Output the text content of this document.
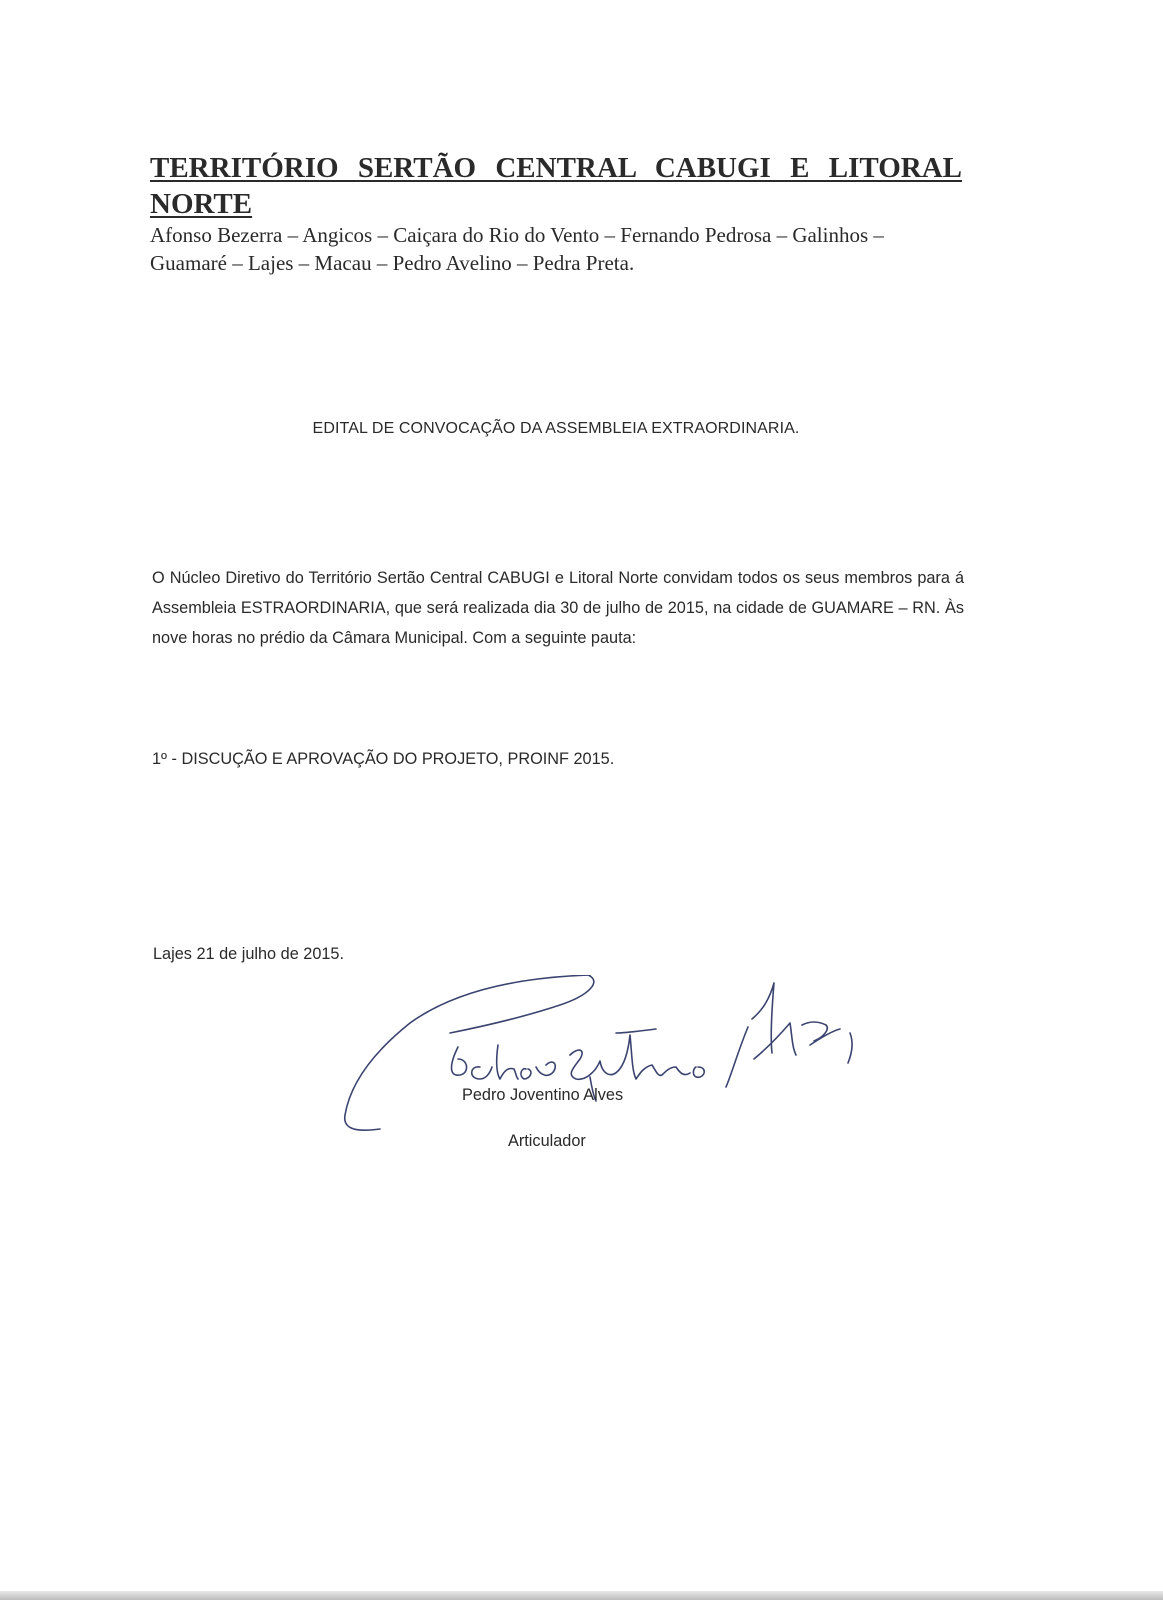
TERRITÓRIO SERTÃO CENTRAL CABUGI E LITORAL NORTE

Afonso Bezerra – Angicos – Caiçara do Rio do Vento – Fernando Pedrosa – Galinhos – Guamaré – Lajes – Macau – Pedro Avelino – Pedra Preta.

EDITAL DE CONVOCAÇÃO DA ASSEMBLEIA EXTRAORDINARIA.

O Núcleo Diretivo do Território Sertão Central CABUGI e Litoral Norte convidam todos os seus membros para á Assembleia ESTRAORDINARIA, que será realizada dia 30 de julho de 2015, na cidade de GUAMARE – RN. Às nove horas no prédio da Câmara Municipal. Com a seguinte pauta:

1º - DISCUÇÃO E APROVAÇÃO DO PROJETO, PROINF 2015.
Lajes 21 de julho de 2015.
Pedro Joventino Alves
Articulador
